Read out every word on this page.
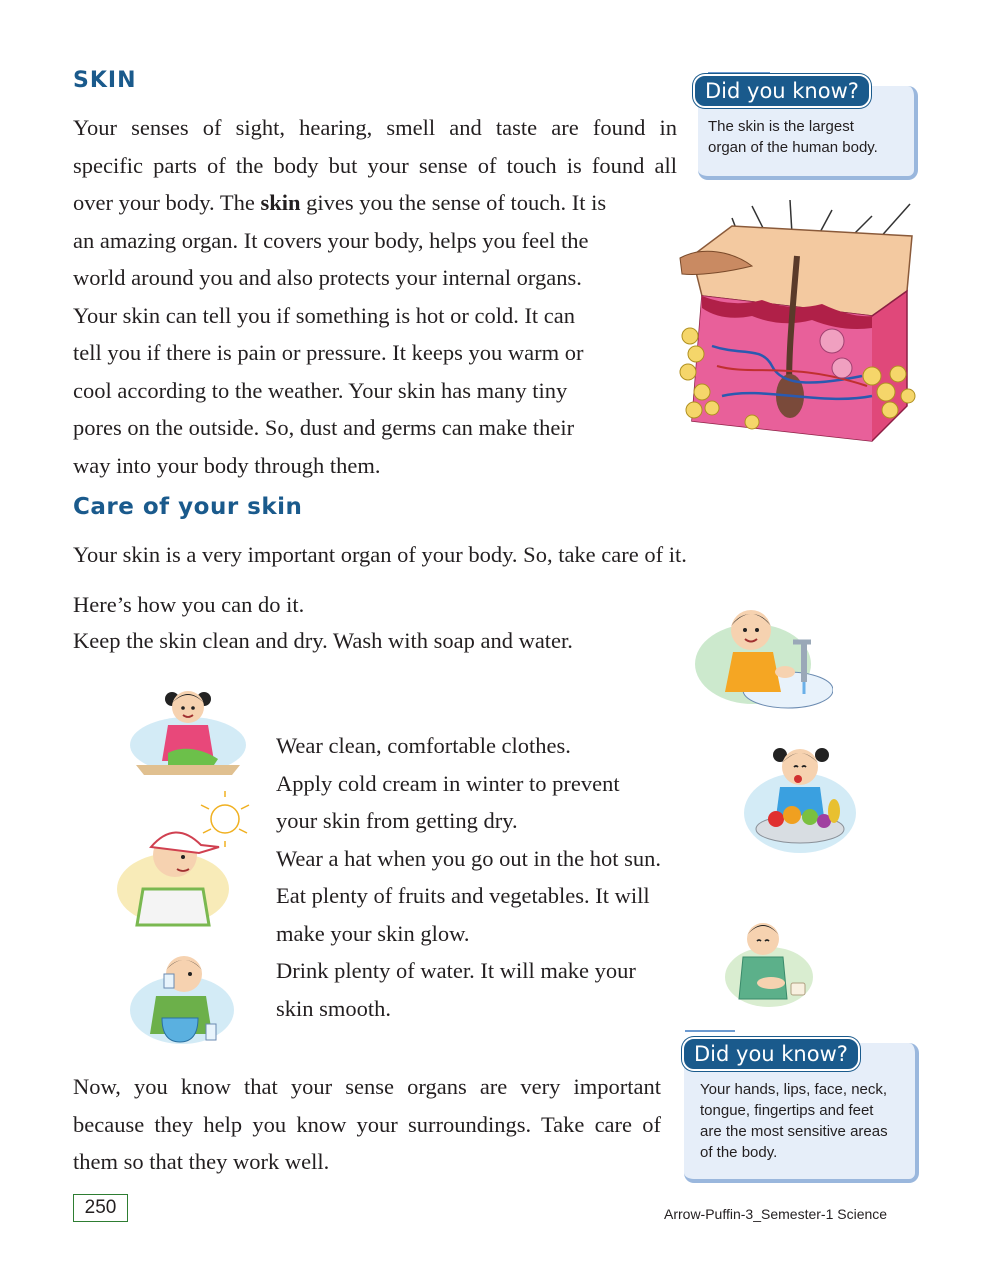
SKIN
Your senses of sight, hearing, smell and taste are found in
specific parts of the body but your sense of touch is found all
over your body. The skin gives you the sense of touch. It is
an amazing organ. It covers your body, helps you feel the
world around you and also protects your internal organs.
Your skin can tell you if something is hot or cold. It can
tell you if there is pain or pressure. It keeps you warm or
cool according to the weather. Your skin has many tiny
pores on the outside. So, dust and germs can make their
way into your body through them.
The skin is the largest
organ of the human body.
Did you know?
Care of your skin
Your skin is a very important organ of your body. So, take care of it.
Here’s how you can do it.
Keep the skin clean and dry. Wash with soap and water.
Wear clean, comfortable clothes.
Apply cold cream in winter to prevent
your skin from getting dry.
Wear a hat when you go out in the hot sun.
Eat plenty of fruits and vegetables. It will
make your skin glow.
Drink plenty of water. It will make your
skin smooth.
Your hands, lips, face, neck,
tongue, fingertips and feet
are the most sensitive areas
of the body.
Did you know?
Now, you know that your sense organs are very important
because they help you know your surroundings. Take care of
them so that they work well.
250	Arrow-Puffin-3_Semester-1 Science
